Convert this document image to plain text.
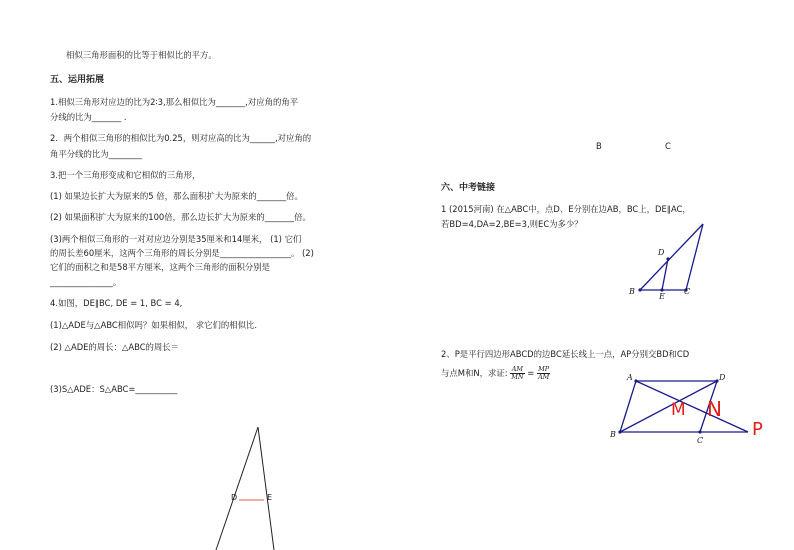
相似三角形面积的比等于相似比的平方。

五、运用拓展

1.相似三角形对应边的比为2∶3,那么相似比为_______,对应角的角平

分线的比为_______ .

2．两个相似三角形的相似比为0.25，则对应高的比为______,对应角的

角平分线的比为________

3.把一个三角形变成和它相似的三角形，

(1) 如果边长扩大为原来的5 倍，那么面积扩大为原来的_______倍。

(2) 如果面积扩大为原来的100倍，那么边长扩大为原来的_______倍。

(3)两个相似三角形的一对对应边分别是35厘米和14厘米， (1) 它们

的周长差60厘米，这两个三角形的周长分别是_________________。 (2)

它们的面积之和是58平方厘米，这两个三角形的面积分别是

_______________。

4.如图，DE∥BC, DE = 1, BC = 4,

(1)△ADE与△ABC相似吗？如果相似， 求它们的相似比.

(2) △ADE的周长：△ABC的周长＝

(3)S△ADE：S△ABC=__________

D	E
B	C

六、中考链接

1 (2015河南) 在△ABC中，点D、E分别在边AB，BC上，DE∥AC，

若BD=4,DA=2,BE=3,则EC为多少？

D
B
E
C

2、P是平行四边形ABCD的边BC延长线上一点，AP分别交BD和CD

与点M和N，求证: $\frac{AM}{MN} = \frac{MP}{AM}$	A	D
B
C
M N
P
